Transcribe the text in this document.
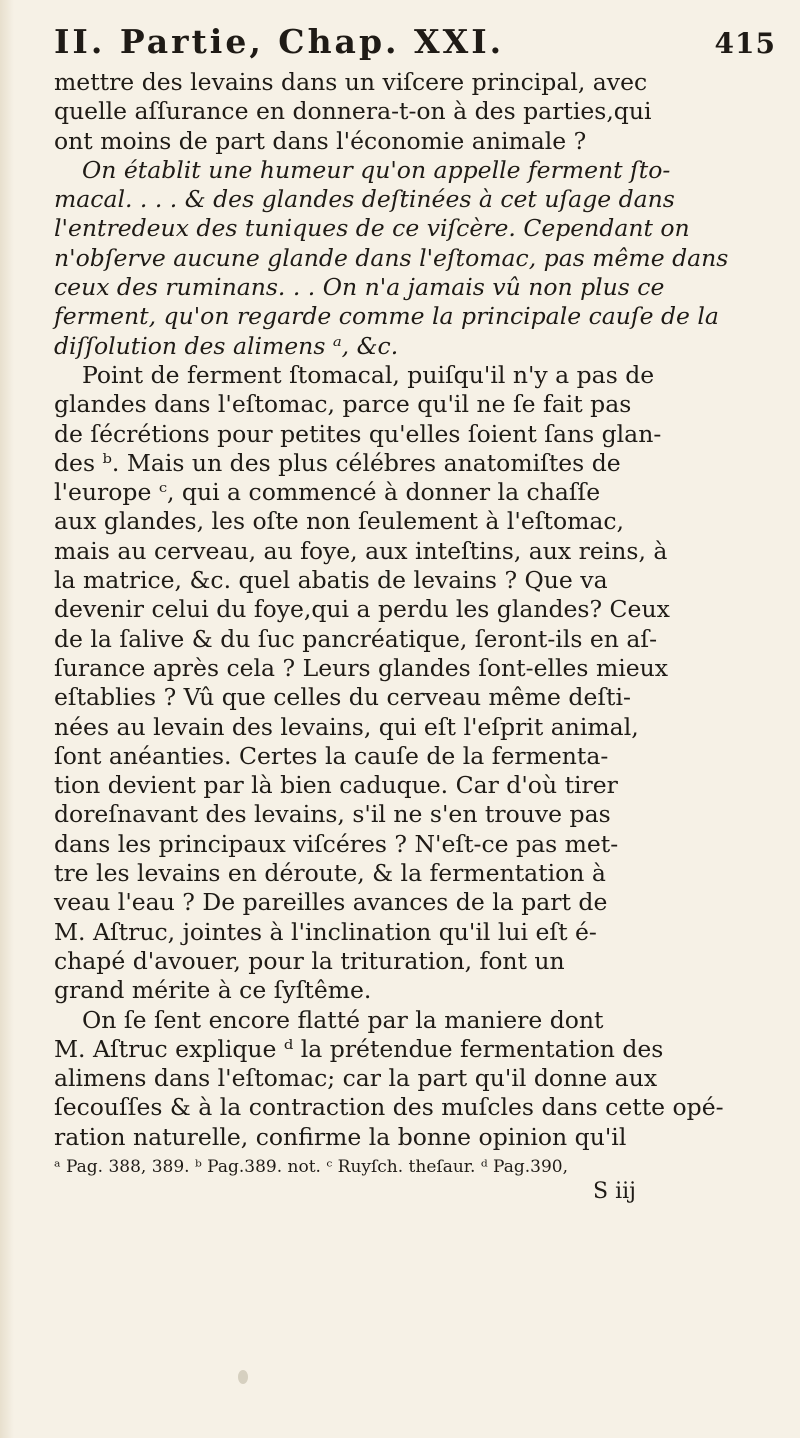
II. Partie, Chap. XXI.	415
mettre des levains dans un viſcere principal, avec
quelle aſſurance en donnera-t-on à des parties,qui
ont moins de part dans l'économie animale ?
On établit une humeur qu'on appelle ferment ſto-
macal. . . . & des glandes deſtinées à cet uſage dans
l'entredeux des tuniques de ce viſcère. Cependant on
n'obſerve aucune glande dans l'eſtomac, pas même dans
ceux des ruminans. . . On n'a jamais vû non plus ce
ferment, qu'on regarde comme la principale cauſe de la
diſſolution des alimens ᵃ, &c.
Point de ferment ſtomacal, puiſqu'il n'y a pas de
glandes dans l'eſtomac, parce qu'il ne ſe fait pas
de ſécrétions pour petites qu'elles ſoient ſans glan-
des ᵇ. Mais un des plus célébres anatomiſtes de
l'europe ᶜ, qui a commencé à donner la chaſſe
aux glandes, les oſte non ſeulement à l'eſtomac,
mais au cerveau, au foye, aux inteſtins, aux reins, à
la matrice, &c. quel abatis de levains ? Que va
devenir celui du foye,qui a perdu les glandes? Ceux
de la ſalive & du ſuc pancréatique, ſeront-ils en aſ-
ſurance après cela ? Leurs glandes ſont-elles mieux
eſtablies ? Vû que celles du cerveau même deſti-
nées au levain des levains, qui eſt l'eſprit animal,
ſont anéanties. Certes la cauſe de la fermenta-
tion devient par là bien caduque. Car d'où tirer
doreſnavant des levains, s'il ne s'en trouve pas
dans les principaux viſcéres ? N'eſt-ce pas met-
tre les levains en déroute, & la fermentation à
veau l'eau ? De pareilles avances de la part de
M. Aſtruc, jointes à l'inclination qu'il lui eſt é-
chapé d'avouer, pour la trituration, font un
grand mérite à ce ſyſtême.
On ſe ſent encore flatté par la maniere dont
M. Aſtruc explique ᵈ la prétendue fermentation des
alimens dans l'eſtomac; car la part qu'il donne aux
ſecouſſes & à la contraction des muſcles dans cette opé-
ration naturelle, confirme la bonne opinion qu'il
ᵃ Pag. 388, 389. ᵇ Pag.389. not. ᶜ Ruyſch. theſaur. ᵈ Pag.390,
S iij
